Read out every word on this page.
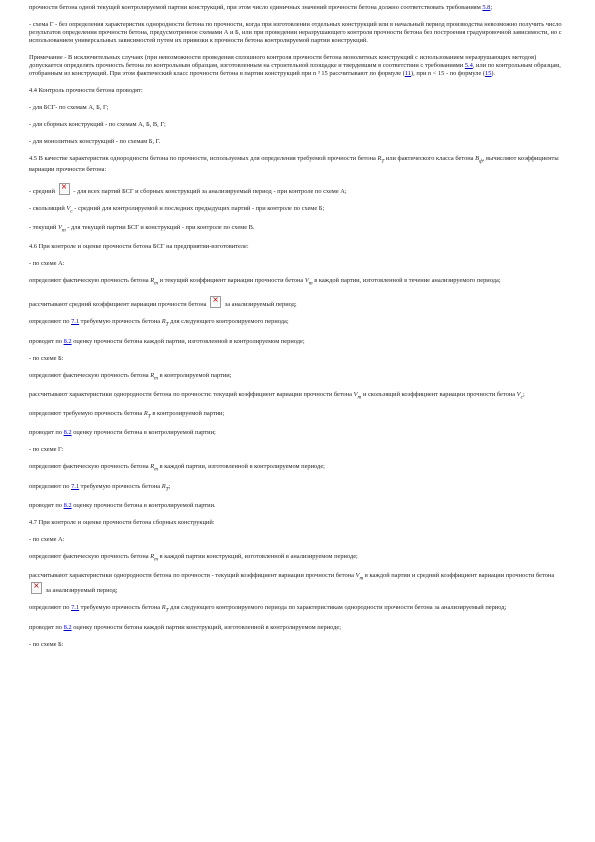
прочности бетона одной текущей контролируемой партии конструкций, при этом число единичных значений прочности бетона должно соответствовать требованиям 5.8;

- схема Г - без определения характеристик однородности бетона по прочности, когда при изготовлении отдельных конструкций или в начальный период производства невозможно получить число результатов определения прочности бетона, предусмотренное схемами А и Б, или при проведении неразрушающего контроля прочности бетона без построения градуировочной зависимости, но с использованием универсальных зависимостей путем их привязки к прочности бетона контролируемой партии конструкций.

Примечание - В исключительных случаях (при невозможности проведения сплошного контроля прочности бетона монолитных конструкций с использованием неразрушающих методов) допускается определять прочность бетона по контрольным образцам, изготовленным на строительной площадке и твердевшим в соответствии с требованиями 5.4, или по контрольным образцам, отобранным из конструкций. При этом фактический класс прочности бетона в партии конструкций при n ³ 15 рассчитывают по формуле (11), при n < 15 - по формуле (15).

4.4 Контроль прочности бетона проводят:

- для БСГ- по схемам А, Б, Г;

- для сборных конструкций - по схемам А, Б, В, Г;

- для монолитных конструкций - по схемам Б, Г.

4.5 В качестве характеристик однородности бетона по прочности, используемых для определения требуемой прочности бетона $R_Т$ или фактического класса бетона $B_ф$, вычисляют коэффициенты вариации прочности бетона:

- средний × - для всех партий БСГ и сборных конструкций за анализируемый период - при контроле по схеме А;

- скользящий $V_c$ - средний для контролируемой и последних предыдущих партий - при контроле по схеме Б;

- текущий $V_m$ - для текущей партии БСГ и конструкций - при контроле по схеме В.

4.6 При контроле и оценке прочности бетона БСГ на предприятии-изготовителе:

- по схеме А:

определяют фактическую прочность бетона $R_m$ и текущий коэффициент вариации прочности бетона $V_m$ в каждой партии, изготовленной в течение анализируемого периода;

рассчитывают средний коэффициент вариации прочности бетона × за анализируемый период;

определяют по 7.1 требуемую прочность бетона $R_Т$ для следующего контролируемого периода;

проводят по 8.2 оценку прочности бетона каждой партии, изготовленной в контролируемом периоде;

- по схеме Б:

определяют фактическую прочность бетона $R_m$ в контролируемой партии;

рассчитывают характеристики однородности бетона по прочности: текущий коэффициент вариации прочности бетона $V_m$ и скользящий коэффициент вариации прочности бетона $V_c$;

определяют требуемую прочность бетона $R_Т$ в контролируемой партии;

проводят по 8.2 оценку прочности бетона в контролируемой партии;

- по схеме Г:

определяют фактическую прочность бетона $R_m$ в каждой партии, изготовленной в контролируемом периоде;

определяют по 7.1 требуемую прочность бетона $R_Т$;

проводят по 8.2 оценку прочности бетона в контролируемой партии.

4.7 При контроле и оценке прочности бетона сборных конструкций:

- по схеме А:

определяют фактическую прочность бетона $R_m$ в каждой партии конструкций, изготовленной в анализируемом периоде;

рассчитывают характеристики однородности бетона по прочности - текущий коэффициент вариации прочности бетона $V_m$ в каждой партии и средний коэффициент вариации прочности бетона × за анализируемый период;

определяют по 7.1 требуемую прочность бетона $R_Т$ для следующего контролируемого периода по характеристикам однородности прочности бетона за анализируемый период;

проводят по 8.2 оценку прочности бетона каждой партии конструкций, изготовленной в контролируемом периоде;

- по схеме Б:
